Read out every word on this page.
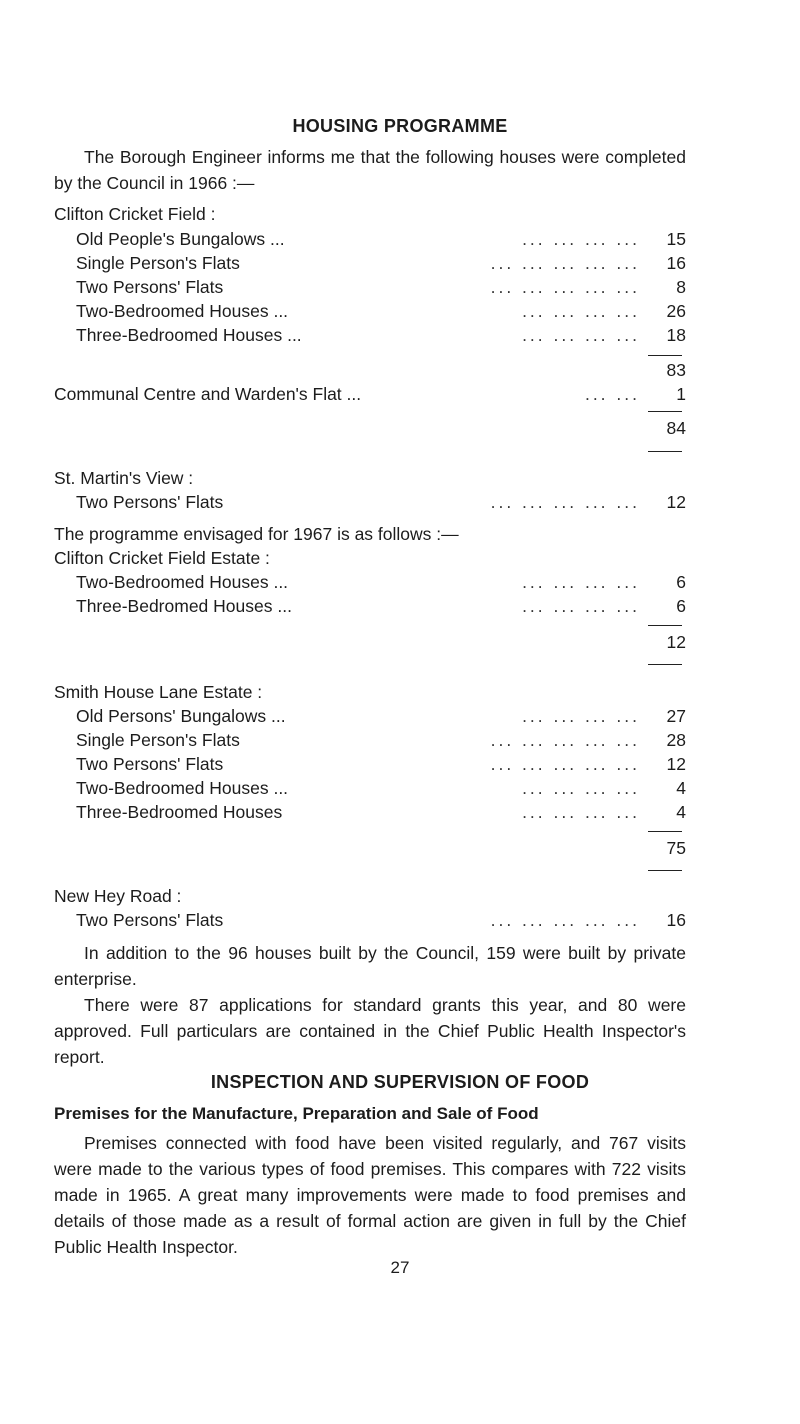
HOUSING PROGRAMME

The Borough Engineer informs me that the following houses were completed by the Council in 1966 :—

Clifton Cricket Field :
Old People's Bungalows ...	... ... ... ...	15
Single Person's Flats	... ... ... ... ...	16
Two Persons' Flats	... ... ... ... ...	8
Two-Bedroomed Houses ...	... ... ... ...	26
Three-Bedroomed Houses ...	... ... ... ...	18
83
Communal Centre and Warden's Flat ...	... ...	1
84
St. Martin's View :
Two Persons' Flats	... ... ... ... ...	12
The programme envisaged for 1967 is as follows :—
Clifton Cricket Field Estate :
Two-Bedroomed Houses ...	... ... ... ...	6
Three-Bedromed Houses ...	... ... ... ...	6
12
Smith House Lane Estate :
Old Persons' Bungalows ...	... ... ... ...	27
Single Person's Flats	... ... ... ... ...	28
Two Persons' Flats	... ... ... ... ...	12
Two-Bedroomed Houses ...	... ... ... ...	4
Three-Bedroomed Houses	... ... ... ...	4
75
New Hey Road :
Two Persons' Flats	... ... ... ... ...	16

In addition to the 96 houses built by the Council, 159 were built by private enterprise.

There were 87 applications for standard grants this year, and 80 were approved. Full particulars are contained in the Chief Public Health Inspector's report.

INSPECTION AND SUPERVISION OF FOOD
Premises for the Manufacture, Preparation and Sale of Food

Premises connected with food have been visited regularly, and 767 visits were made to the various types of food premises. This compares with 722 visits made in 1965. A great many improvements were made to food premises and details of those made as a result of formal action are given in full by the Chief Public Health Inspector.

27
